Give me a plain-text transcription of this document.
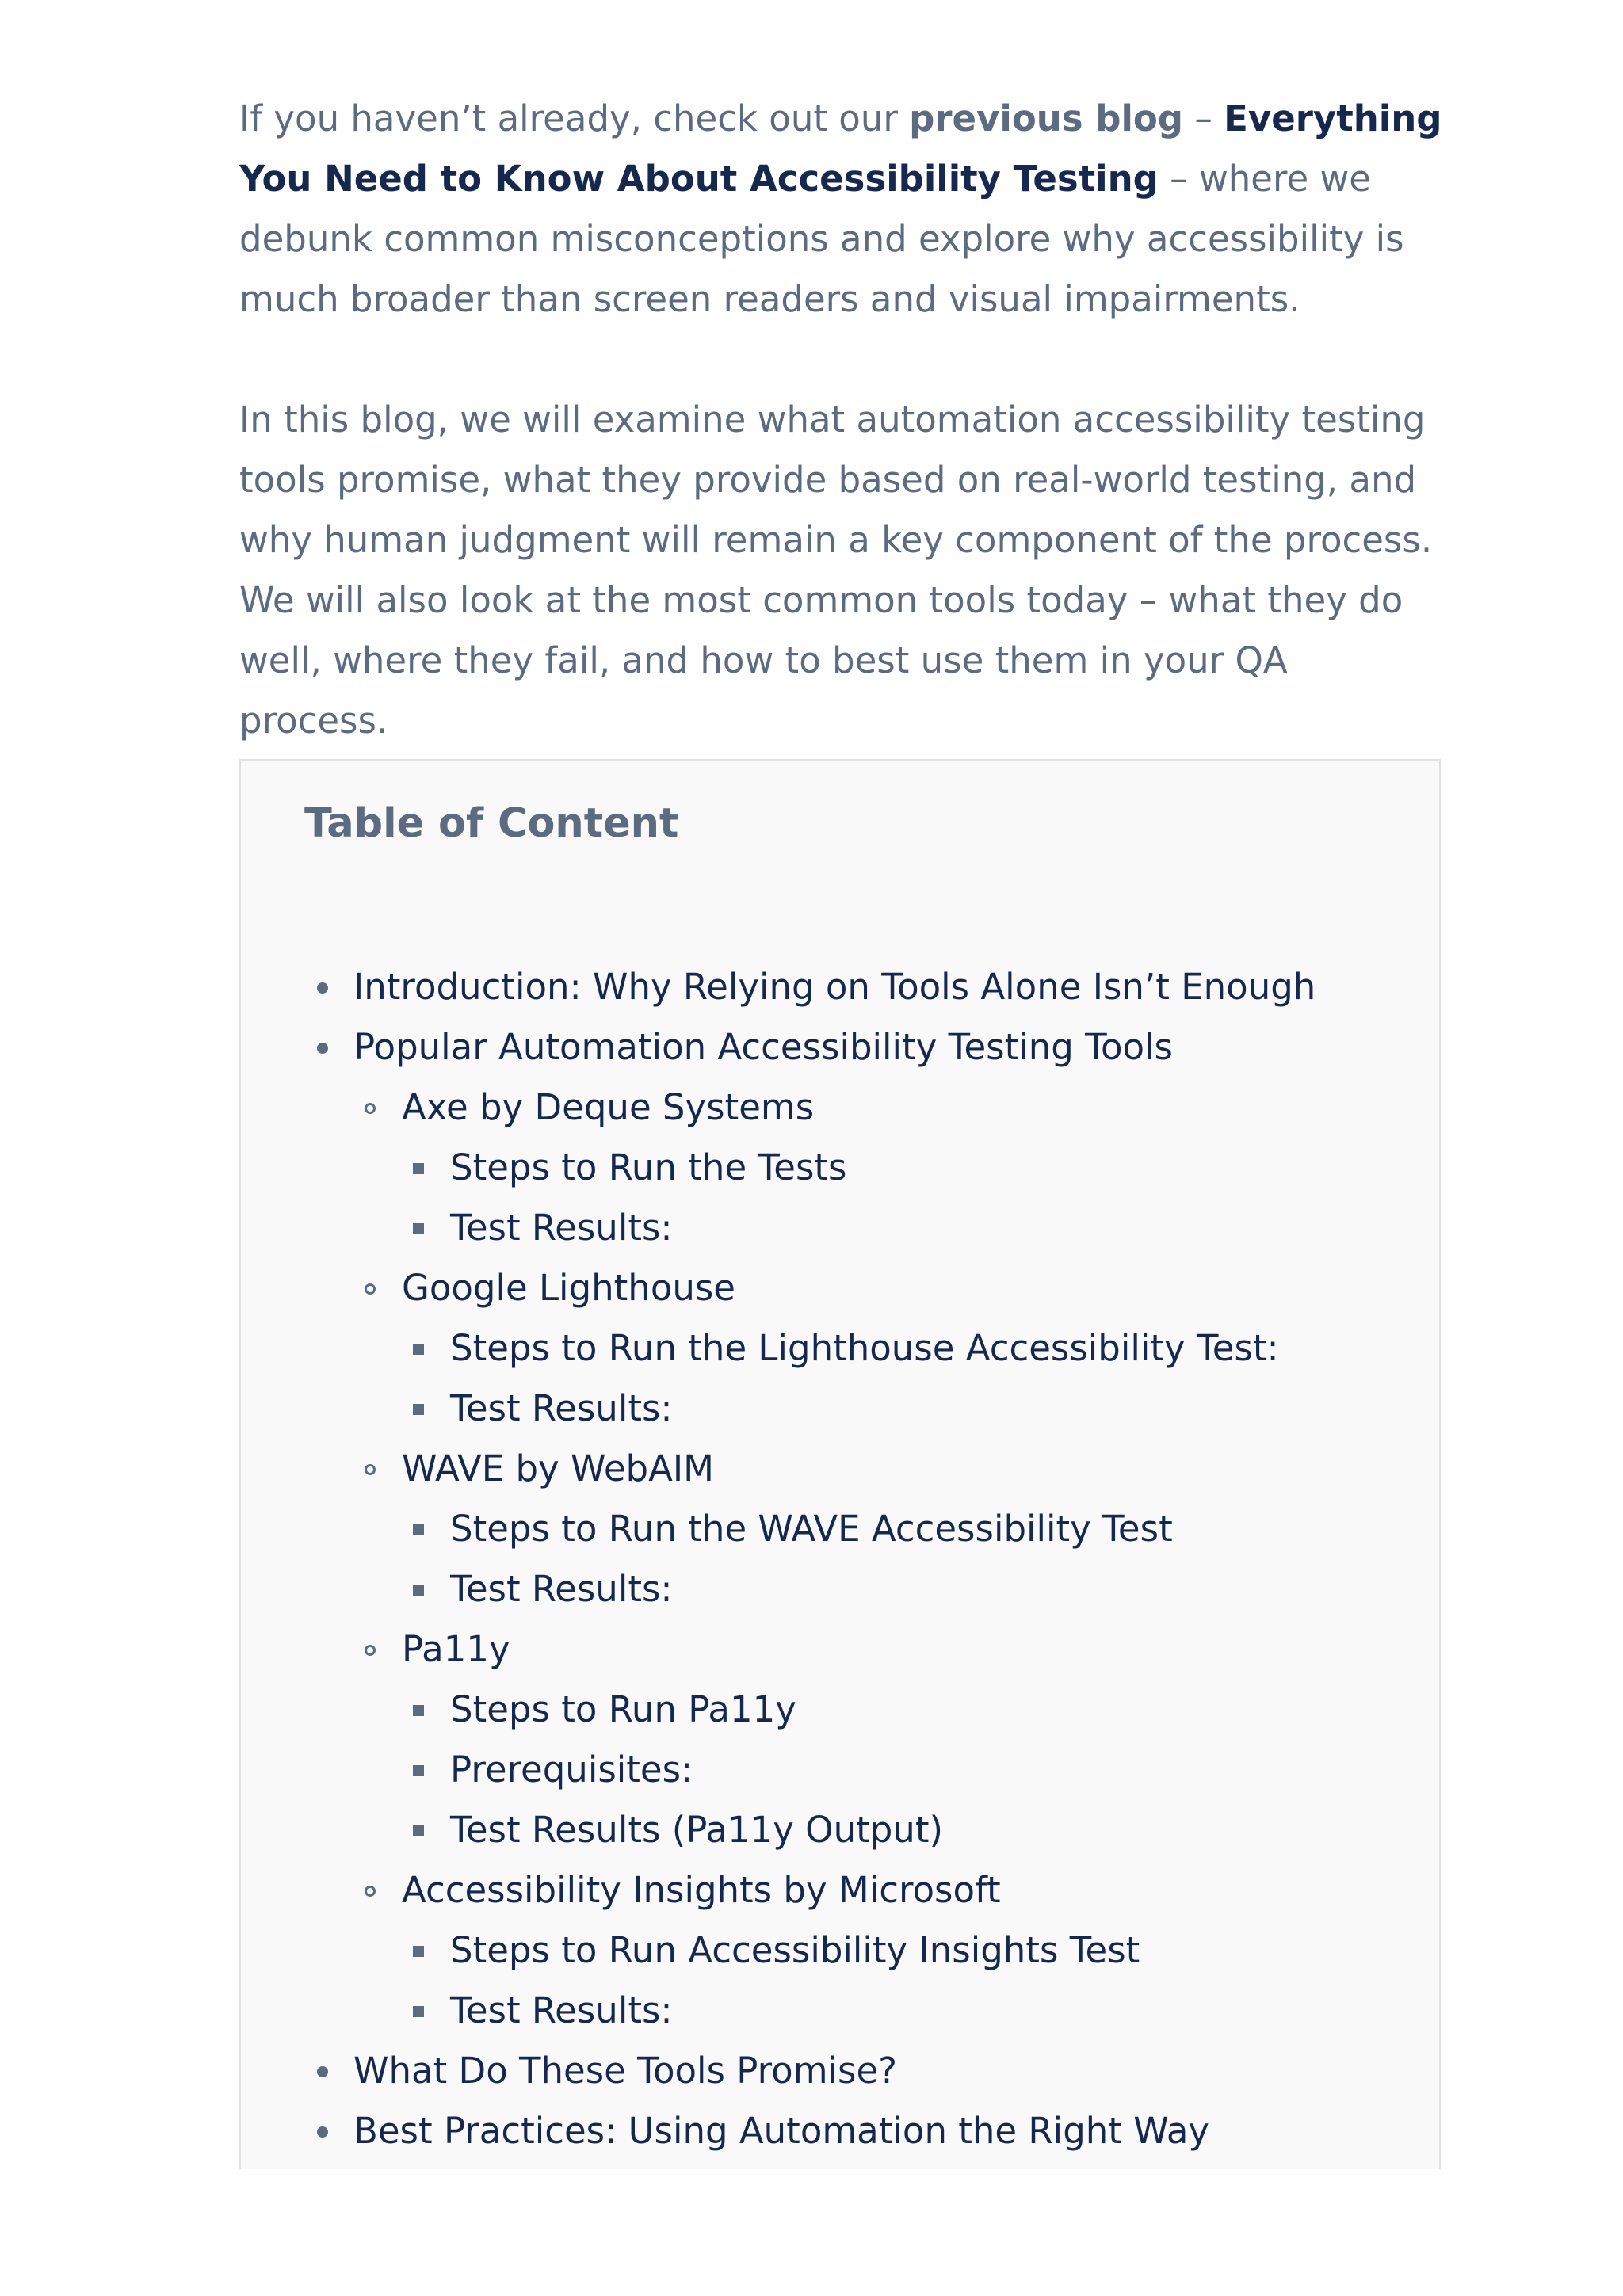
If you haven’t already, check out our previous blog – Everything You Need to Know About Accessibility Testing – where we debunk common misconceptions and explore why accessibility is much broader than screen readers and visual impairments.

In this blog, we will examine what automation accessibility testing tools promise, what they provide based on real-world testing, and why human judgment will remain a key component of the process. We will also look at the most common tools today – what they do well, where they fail, and how to best use them in your QA process.

Table of Content
Introduction: Why Relying on Tools Alone Isn’t Enough
Popular Automation Accessibility Testing Tools
Axe by Deque Systems
Steps to Run the Tests
Test Results:
Google Lighthouse
Steps to Run the Lighthouse Accessibility Test:
Test Results:
WAVE by WebAIM
Steps to Run the WAVE Accessibility Test
Test Results:
Pa11y
Steps to Run Pa11y
Prerequisites:
Test Results (Pa11y Output)
Accessibility Insights by Microsoft
Steps to Run Accessibility Insights Test
Test Results:
What Do These Tools Promise?
Best Practices: Using Automation the Right Way
